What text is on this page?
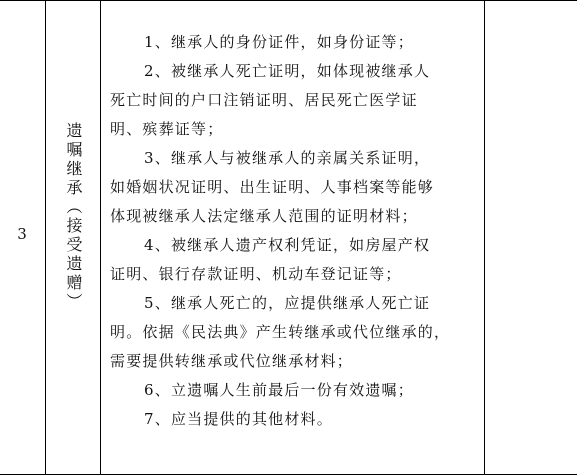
3	遗嘱继承（接受遗赠）

1、继承人的身份证件，如身份证等；

2、被继承人死亡证明，如体现被继承人

死亡时间的户口注销证明、居民死亡医学证

明、殡葬证等；

3、继承人与被继承人的亲属关系证明，

如婚姻状况证明、出生证明、人事档案等能够

体现被继承人法定继承人范围的证明材料；

4、被继承人遗产权利凭证，如房屋产权

证明、银行存款证明、机动车登记证等；

5、继承人死亡的，应提供继承人死亡证

明。依据《民法典》产生转继承或代位继承的，

需要提供转继承或代位继承材料；

6、立遗嘱人生前最后一份有效遗嘱；

7、应当提供的其他材料。
